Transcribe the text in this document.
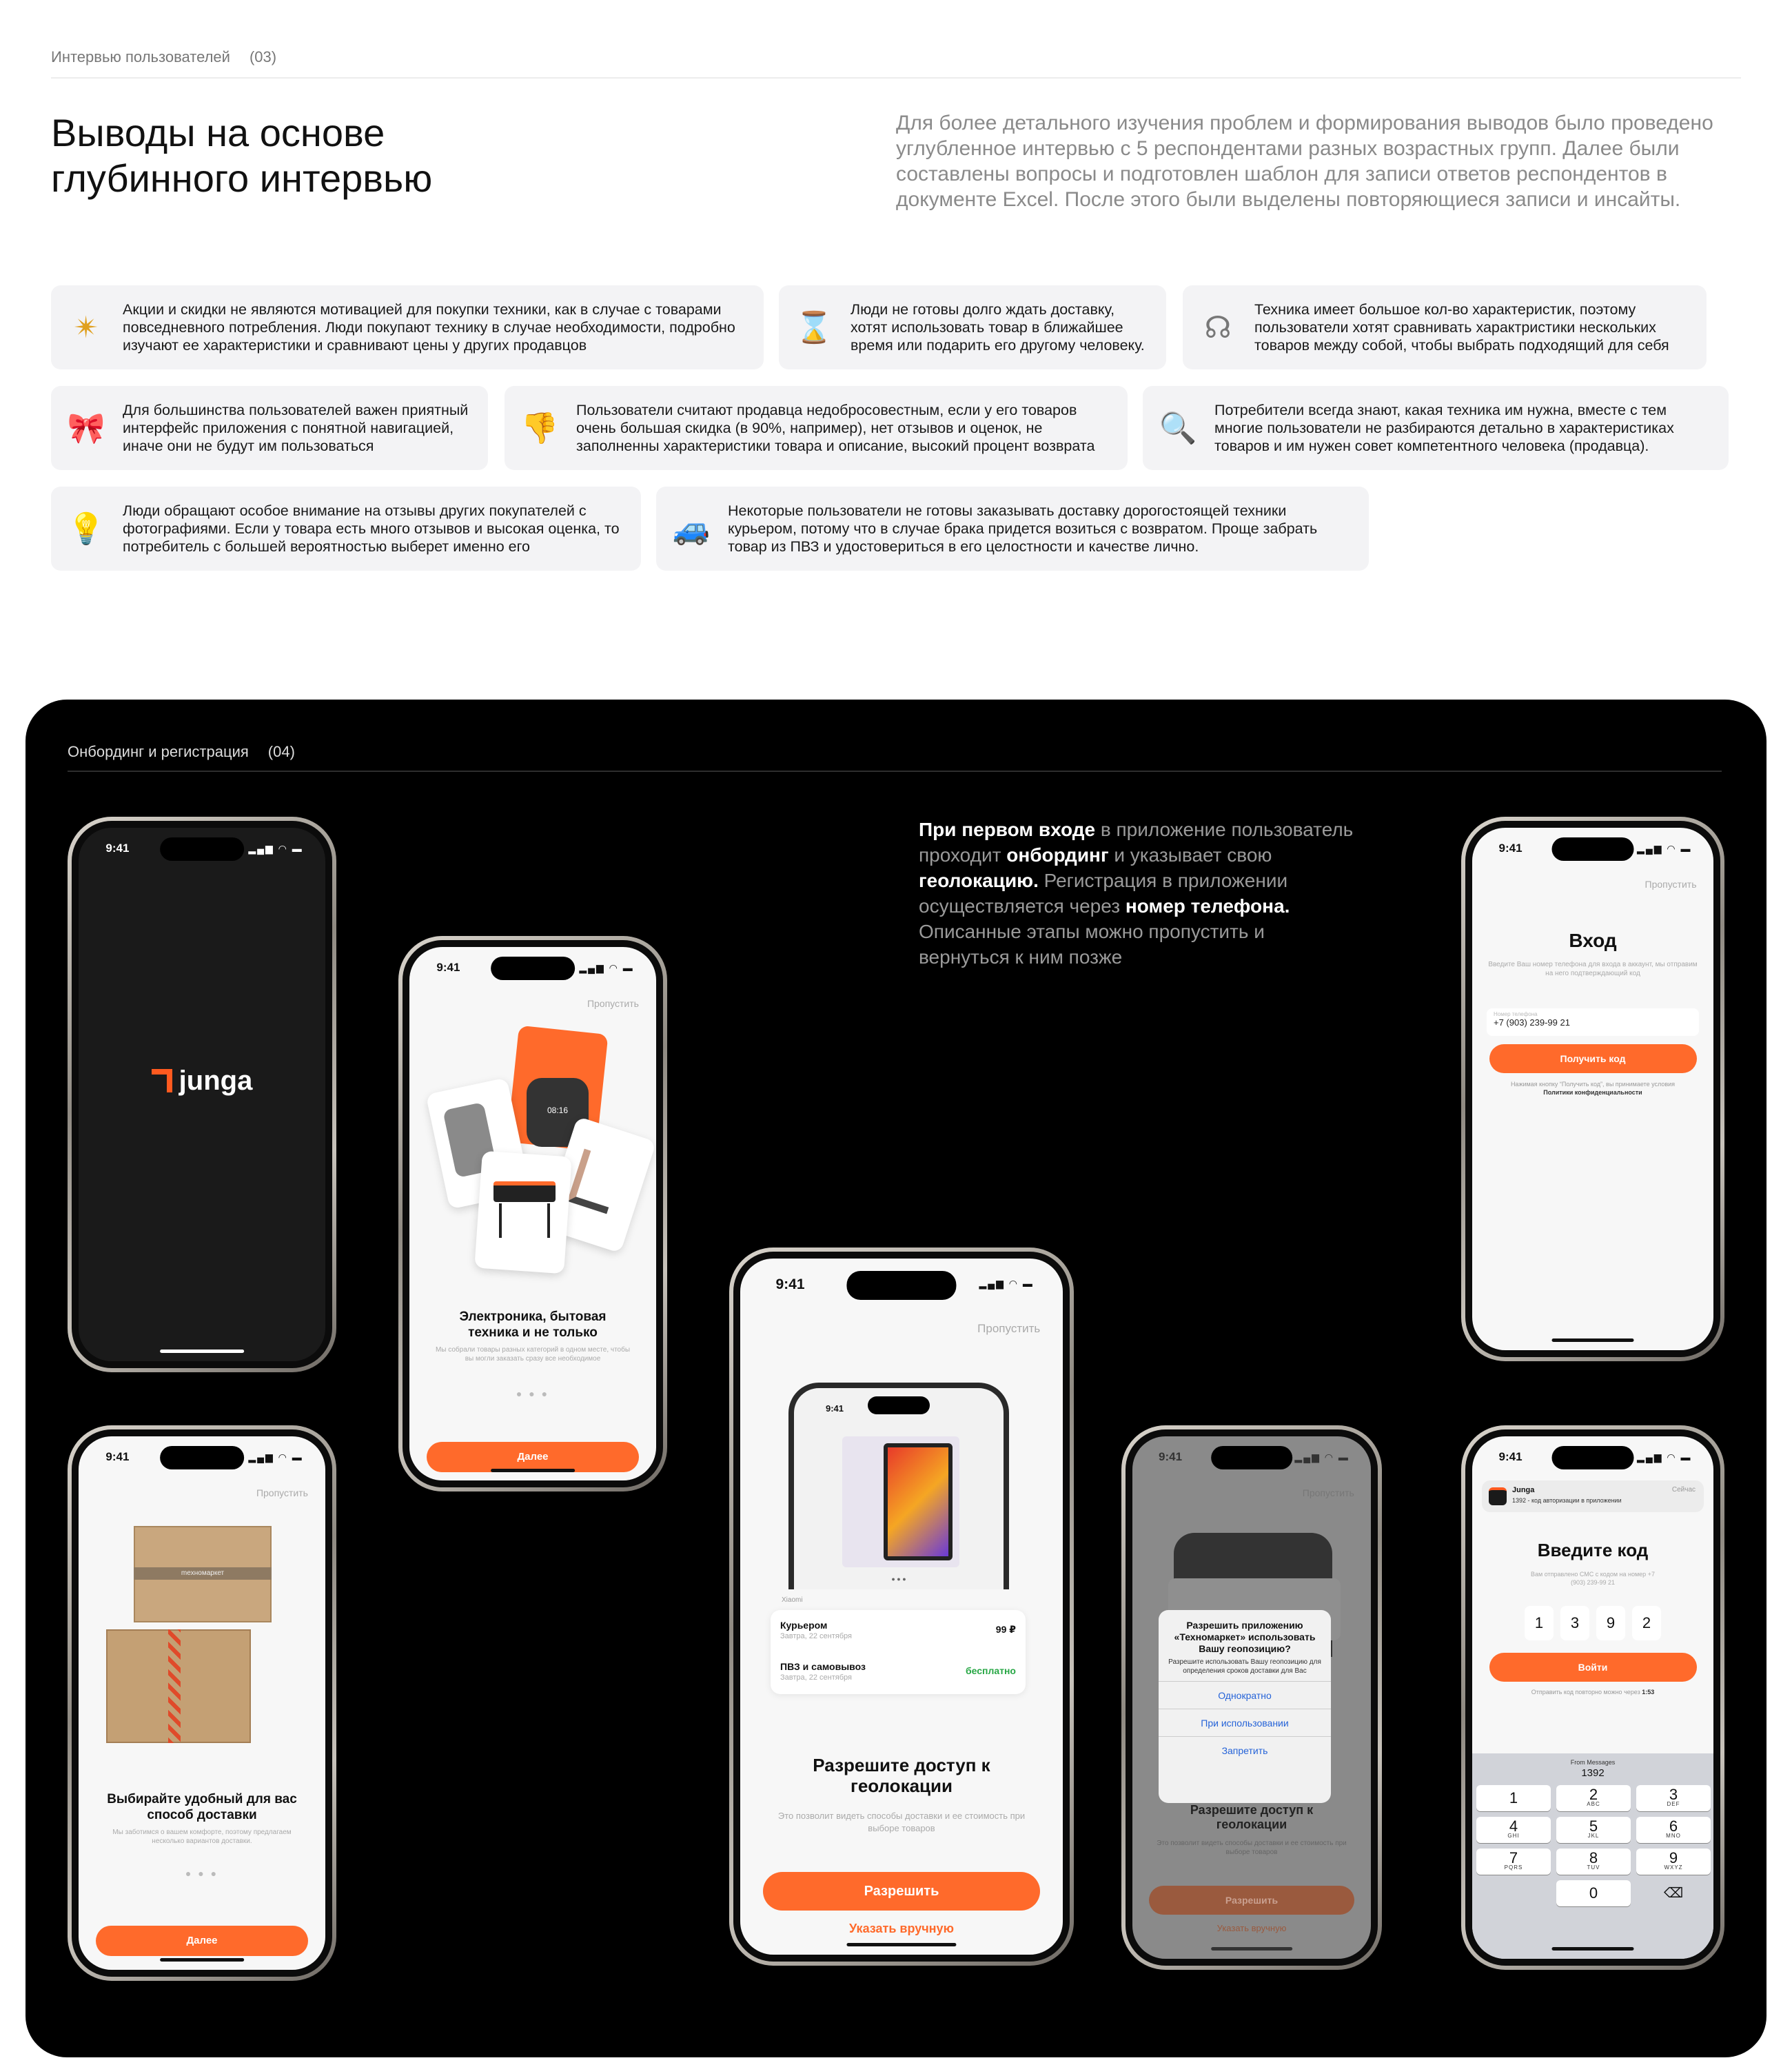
Интервью пользователей (03)
Выводы на основе
глубинного интервью

Для более детального изучения проблем и формирования выводов было проведено углубленное интервью с 5 респондентами разных возрастных групп. Далее были составлены вопросы и подготовлен шаблон для записи ответов респондентов в документе Excel. После этого были выделены повторяющиеся записи и инсайты.

✴
Акции и скидки не являются мотивацией для покупки техники, как в случае с товарами повседневного потребления. Люди покупают технику в случае необходимости, подробно изучают ее характеристики и сравнивают цены у других продавцов
⌛
Люди не готовы долго ждать доставку, хотят использовать товар в ближайшее время или подарить его другому человеку.
☊
Техника имеет большое кол-во характеристик, поэтому пользователи хотят сравнивать характристики нескольких товаров между собой, чтобы выбрать подходящий для себя
🎀
Для большинства пользователей важен приятный интерфейс приложения с понятной навигацией, иначе они не будут им пользоваться
👎
Пользователи считают продавца недобросовестным, если у его товаров очень большая скидка (в 90%, например), нет отзывов и оценок, не заполненны характеристики товара и описание, высокий процент возврата
🔍
Потребители всегда знают, какая техника им нужна, вместе с тем многие пользователи не разбираются детально в характеристиках товаров и им нужен совет компетентного человека (продавца).
💡
Люди обращают особое внимание на отзывы других покупателей с фотографиями. Если у товара есть много отзывов и высокая оценка, то потребитель с большей вероятностью выберет именно его
🚙
Некоторые пользователи не готовы заказывать доставку дорогостоящей техники курьером, потому что в случае брака придется возиться с возвратом. Проще забрать товар из ПВЗ и удостовериться в его целостности и качестве лично.
Онбординг и регистрация (04)

При первом входе в приложение пользователь проходит онбординг и указывает свою геолокацию. Регистрация в приложении осуществляется через номер телефона. Описанные этапы можно пропустить и вернуться к ним позже

9:41	▂▄▆ ◠ ▬
junga
9:41	▂▄▆ ◠ ▬
Пропустить
08:16
Электроника, бытовая техника и не только
Мы собрали товары разных категорий в одном месте, чтобы вы могли заказать сразу все необходимое
● ● ●
Далее
9:41	▂▄▆ ◠ ▬
Пропустить
mexномаркет
Выбирайте удобный для вас способ доставки
Мы заботимся о вашем комфорте, поэтому предлагаем несколько вариантов доставки.
● ● ●
Далее
9:41	▂▄▆ ◠ ▬
Пропустить
9:41
● ● ●
Xiaomi
Курьером
Завтра, 22 сентября
99 ₽
ПВЗ и самовывоз
Завтра, 22 сентября
бесплатно
Разрешите доступ к геолокации
Это позволит видеть способы доставки и ее стоимость при выборе товаров
Разрешить
Указать вручную
9:41	▂▄▆ ◠ ▬
Пропустить
Разрешить приложению «Техномаркет» использовать Вашу геопозицию?
Разрешите использовать Вашу геопозицию для определения сроков доставки для Вас
Однократно
При использовании
Запретить
Разрешите доступ к геолокации
Это позволит видеть способы доставки и ее стоимость при выборе товаров
Разрешить
Указать вручную
9:41	▂▄▆ ◠ ▬
Пропустить
Вход
Введите Ваш номер телефона для входа в аккаунт, мы отправим на него подтверждающий код
Номер телефона
+7 (903) 239-99 21
Получить код
Нажимая кнопку “Получить код”, вы принимаете условия Политики конфиденциальности
9:41	▂▄▆ ◠ ▬
Junga	Сейчас
1392 - код авторизации в приложении
Введите код
Вам отправлено СМС с кодом на номер +7 (903) 239-99 21
1 3 9 2
Войти
Отправить код повторно можно через 1:53
From Messages
1392
1	2
ABC
3
DEF
4
GHI
5
JKL
6
MNO
7
PQRS
8
TUV
9
WXYZ
0	⌫
